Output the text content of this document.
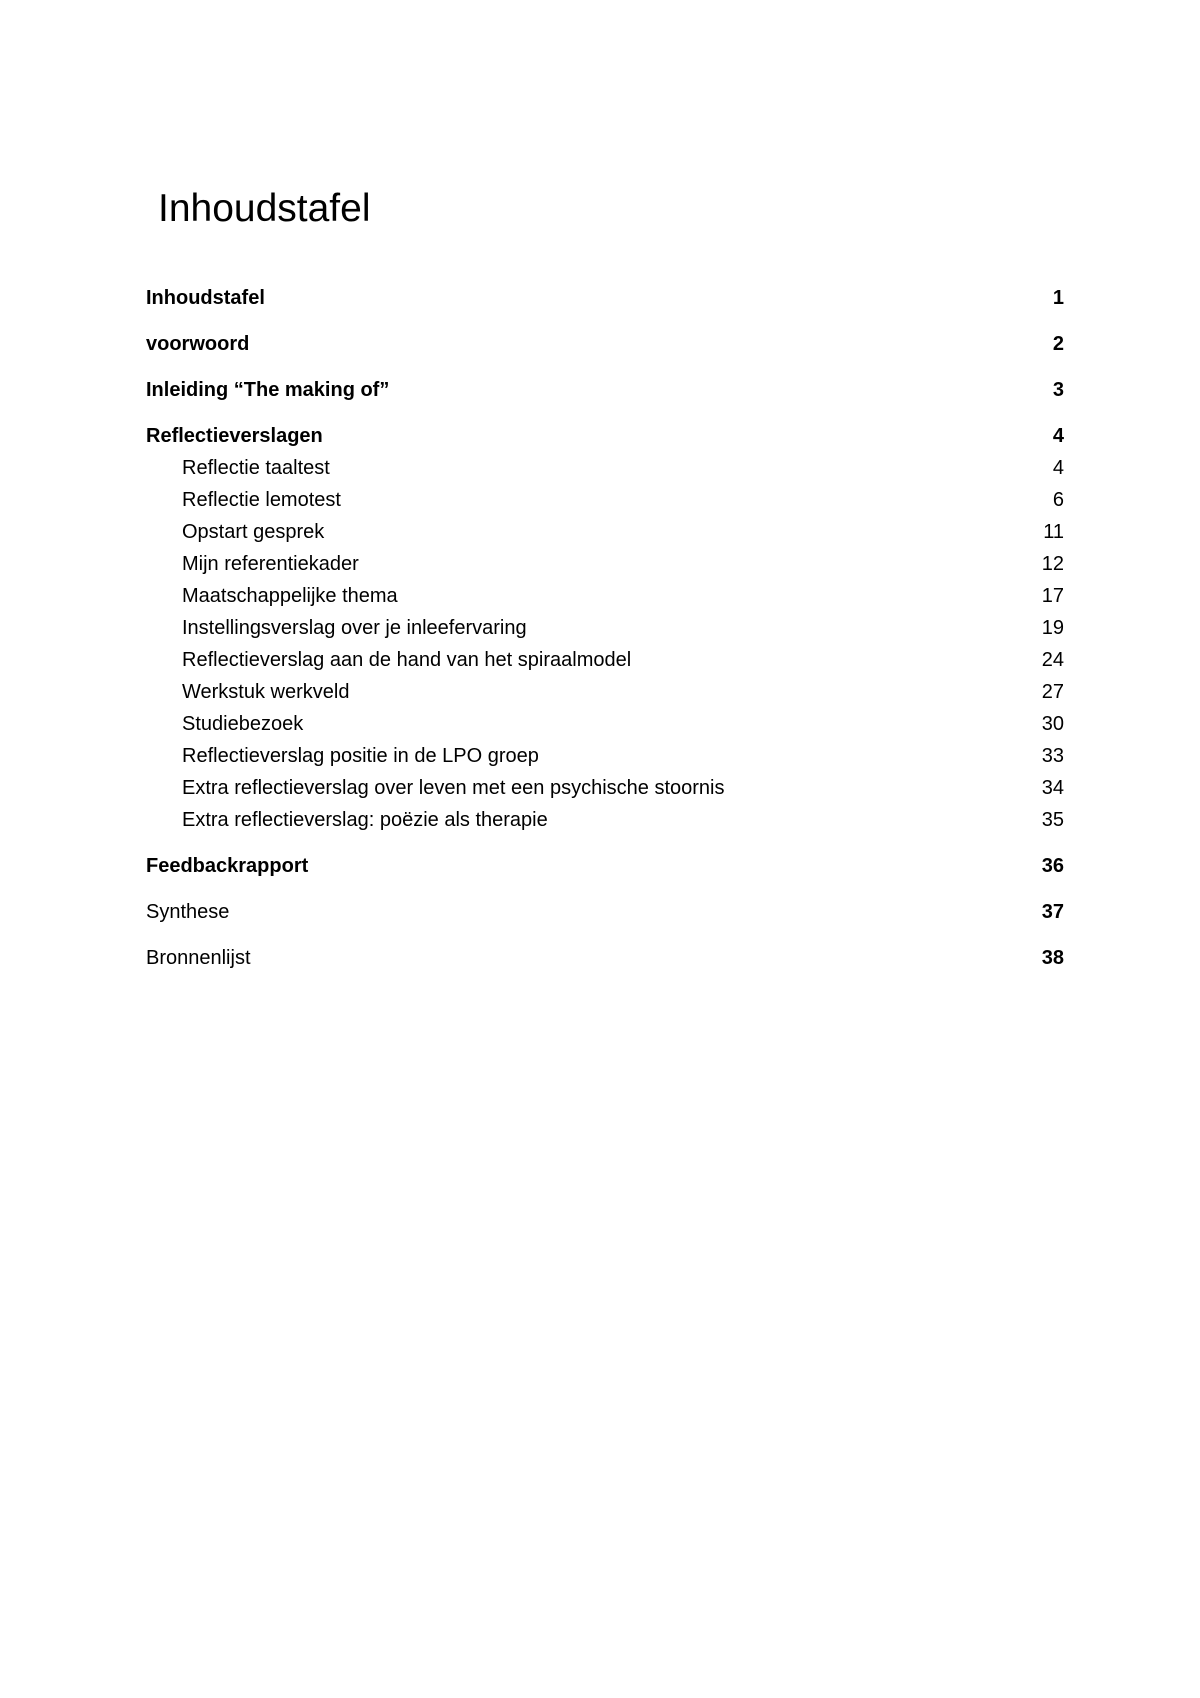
Inhoudstafel
Inhoudstafel	1
voorwoord	2
Inleiding “The making of”	3
Reflectieverslagen	4
Reflectie taaltest	4
Reflectie lemotest	6
Opstart gesprek	11
Mijn referentiekader	12
Maatschappelijke thema	17
Instellingsverslag over je inleefervaring	19
Reflectieverslag aan de hand van het spiraalmodel	24
Werkstuk werkveld	27
Studiebezoek	30
Reflectieverslag positie in de LPO groep	33
Extra reflectieverslag over leven met een psychische stoornis	34
Extra reflectieverslag: poëzie als therapie	35
Feedbackrapport	36
Synthese	37
Bronnenlijst	38
